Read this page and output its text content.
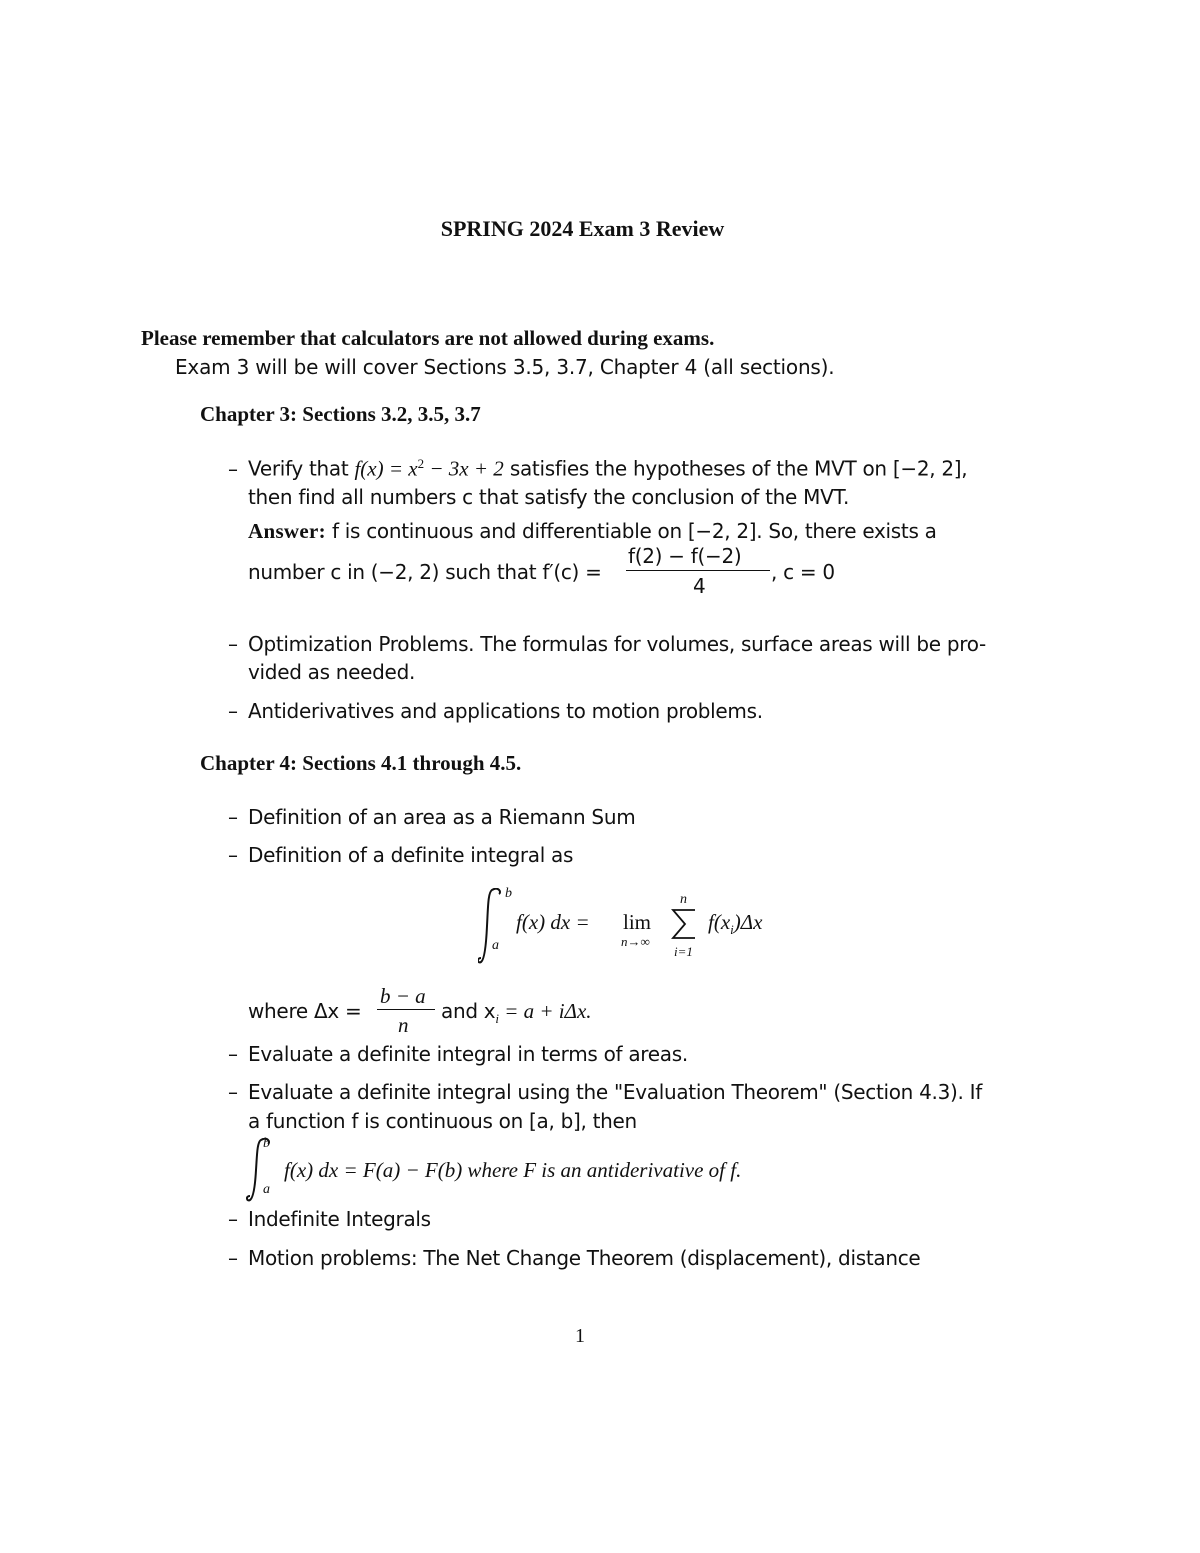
SPRING 2024 Exam 3 Review
Please remember that calculators are not allowed during exams.
Exam 3 will be will cover Sections 3.5, 3.7, Chapter 4 (all sections).
Chapter 3: Sections 3.2, 3.5, 3.7
– Verify that $f(x) = x^2 - 3x + 2$ satisfies the hypotheses of the MVT on [−2, 2],
then find all numbers c that satisfy the conclusion of the MVT.
Answer: f is continuous and differentiable on [−2, 2]. So, there exists a
number c in (−2, 2) such that f′(c) =
f(2) − f(−2)
4
, c = 0
– Optimization Problems. The formulas for volumes, surface areas will be pro-
vided as needed.
– Antiderivatives and applications to motion problems.
Chapter 4: Sections 4.1 through 4.5.
– Definition of an area as a Riemann Sum
– Definition of a definite integral as
b
a
f(x) dx = lim
n→∞
n
i=1
$f(x_i)\Delta x$
where Δx =
b − a
n
and $x_i = a + i\Delta x$.
– Evaluate a definite integral in terms of areas.
– Evaluate a definite integral using the "Evaluation Theorem" (Section 4.3). If
a function f is continuous on [a, b], then
b
a
f(x) dx = F(a) − F(b) where F is an antiderivative of f.
– Indefinite Integrals
– Motion problems: The Net Change Theorem (displacement), distance
1
